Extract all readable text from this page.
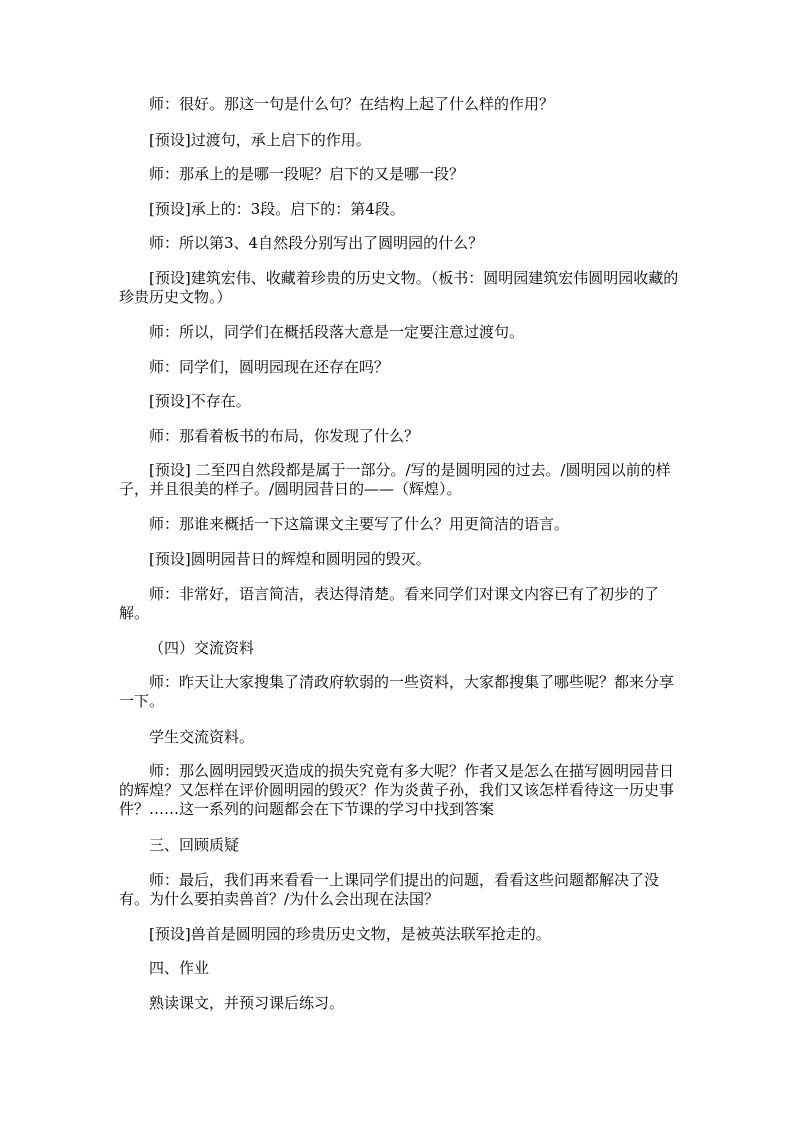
师：很好。那这一句是什么句？在结构上起了什么样的作用？

[预设]过渡句，承上启下的作用。

师：那承上的是哪一段呢？启下的又是哪一段？

[预设]承上的：3段。启下的：第4段。

师：所以第3、4自然段分别写出了圆明园的什么？

[预设]建筑宏伟、收藏着珍贵的历史文物。（板书：圆明园建筑宏伟圆明园收藏的珍贵历史文物。）

师：所以，同学们在概括段落大意是一定要注意过渡句。

师：同学们，圆明园现在还存在吗？

[预设]不存在。

师：那看着板书的布局，你发现了什么？

[预设] 二至四自然段都是属于一部分。/写的是圆明园的过去。/圆明园以前的样子，并且很美的样子。/圆明园昔日的——（辉煌）。

师：那谁来概括一下这篇课文主要写了什么？用更简洁的语言。

[预设]圆明园昔日的辉煌和圆明园的毁灭。

师：非常好，语言简洁，表达得清楚。看来同学们对课文内容已有了初步的了解。

（四）交流资料

师：昨天让大家搜集了清政府软弱的一些资料，大家都搜集了哪些呢？都来分享一下。

学生交流资料。

师：那么圆明园毁灭造成的损失究竟有多大呢？作者又是怎么在描写圆明园昔日的辉煌？又怎样在评价圆明园的毁灭？作为炎黄子孙，我们又该怎样看待这一历史事件？……这一系列的问题都会在下节课的学习中找到答案

三、回顾质疑

师：最后，我们再来看看一上课同学们提出的问题，看看这些问题都解决了没有。为什么要拍卖兽首？/为什么会出现在法国？

[预设]兽首是圆明园的珍贵历史文物，是被英法联军抢走的。

四、作业

熟读课文，并预习课后练习。
